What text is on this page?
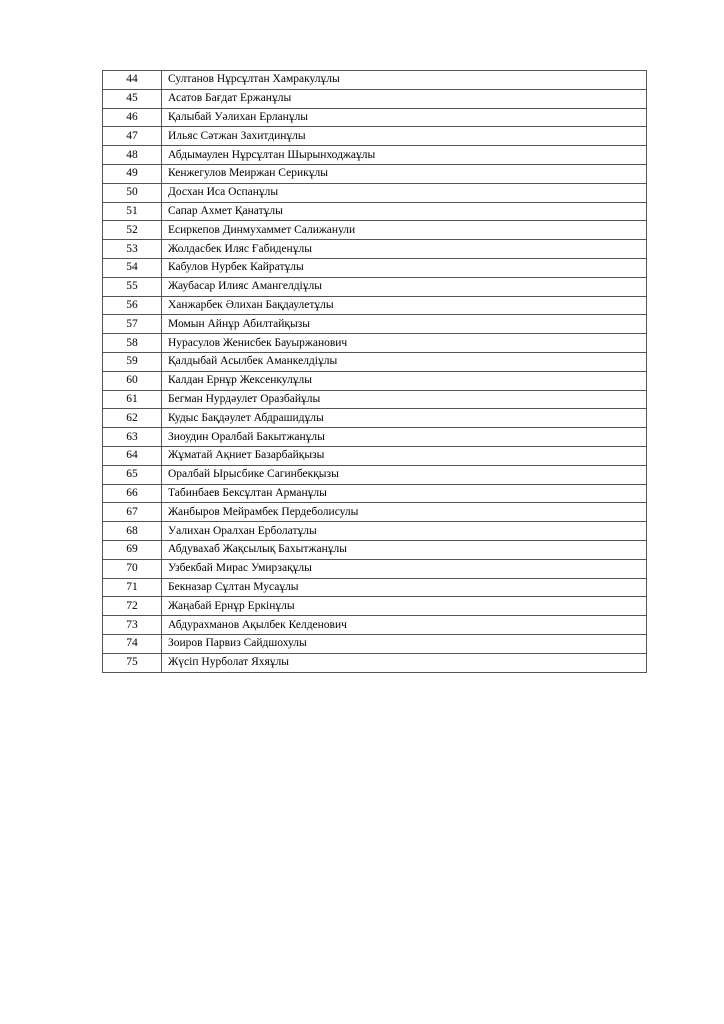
44	Султанов Нұрсұлтан Хамракулұлы
45	Асатов Бағдат Ержанұлы
46	Қалыбай Уәлихан Ерланұлы
47	Ильяс Сәтжан Захитдинұлы
48	Абдымаулен Нұрсұлтан Шырынходжаұлы
49	Кенжегулов Меиржан Серикұлы
50	Досхан Иса Оспанұлы
51	Сапар Ахмет Қанатұлы
52	Есиркепов Динмухаммет Салижанули
53	Жолдасбек Иляс Ғабиденұлы
54	Кабулов Нурбек Кайратұлы
55	Жаубасар Илияс Амангелдіұлы
56	Ханжарбек Әлихан Бақдаулетұлы
57	Момын Айнұр Абилтайқызы
58	Нурасулов Женисбек Бауыржанович
59	Қалдыбай Асылбек Аманкелдіұлы
60	Калдан Ернұр Жексенкулұлы
61	Бегман Нурдәулет Оразбайұлы
62	Кудыс Бақдәулет Абдрашидұлы
63	Зиоудин Оралбай Бакытжанұлы
64	Жұматай Ақниет Базарбайқызы
65	Оралбай Ырысбике Сагинбекқызы
66	Табинбаев Бексұлтан Арманұлы
67	Жанбыров Мейрамбек Пердеболисулы
68	Уалихан Оралхан Ерболатұлы
69	Абдувахаб Жақсылық Бахытжанұлы
70	Узбекбай Мирас Умирзақұлы
71	Бекназар Сұлтан Мусаұлы
72	Жаңабай Ернұр Еркінұлы
73	Абдурахманов Ақылбек Келденович
74	Зоиров Парвиз Сайдшохулы
75	Жүсіп Нурболат Яхяұлы
